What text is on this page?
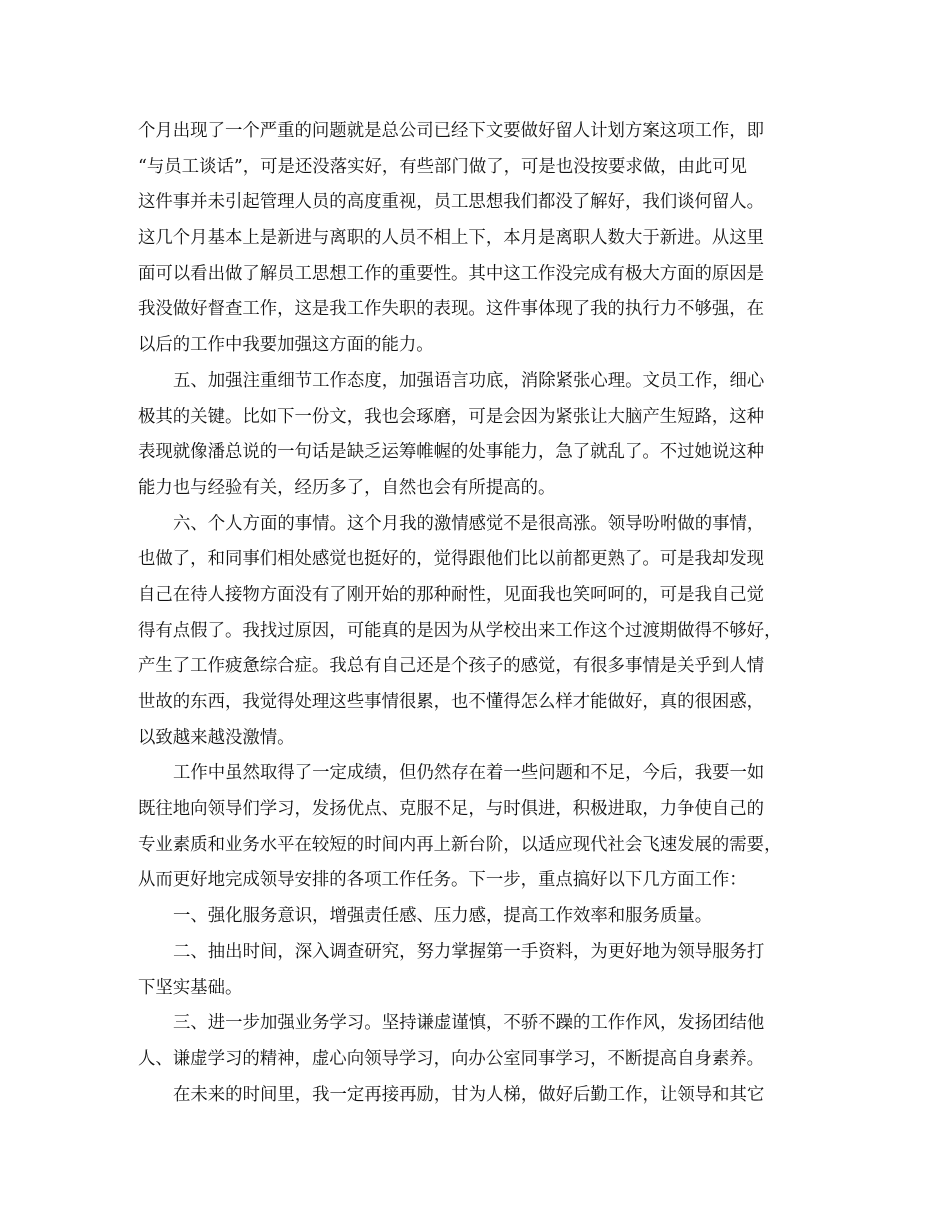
个月出现了一个严重的问题就是总公司已经下文要做好留人计划方案这项工作，即
“与员工谈话”，可是还没落实好，有些部门做了，可是也没按要求做，由此可见
这件事并未引起管理人员的高度重视，员工思想我们都没了解好，我们谈何留人。
这几个月基本上是新进与离职的人员不相上下，本月是离职人数大于新进。从这里
面可以看出做了解员工思想工作的重要性。其中这工作没完成有极大方面的原因是
我没做好督查工作，这是我工作失职的表现。这件事体现了我的执行力不够强，在
以后的工作中我要加强这方面的能力。
五、加强注重细节工作态度，加强语言功底，消除紧张心理。文员工作，细心
极其的关键。比如下一份文，我也会琢磨，可是会因为紧张让大脑产生短路，这种
表现就像潘总说的一句话是缺乏运筹帷幄的处事能力，急了就乱了。不过她说这种
能力也与经验有关，经历多了，自然也会有所提高的。
六、个人方面的事情。这个月我的激情感觉不是很高涨。领导吩咐做的事情，
也做了，和同事们相处感觉也挺好的，觉得跟他们比以前都更熟了。可是我却发现
自己在待人接物方面没有了刚开始的那种耐性，见面我也笑呵呵的，可是我自己觉
得有点假了。我找过原因，可能真的是因为从学校出来工作这个过渡期做得不够好，
产生了工作疲惫综合症。我总有自己还是个孩子的感觉，有很多事情是关乎到人情
世故的东西，我觉得处理这些事情很累，也不懂得怎么样才能做好，真的很困惑，
以致越来越没激情。
工作中虽然取得了一定成绩，但仍然存在着一些问题和不足，今后，我要一如
既往地向领导们学习，发扬优点、克服不足，与时俱进，积极进取，力争使自己的
专业素质和业务水平在较短的时间内再上新台阶，以适应现代社会飞速发展的需要，
从而更好地完成领导安排的各项工作任务。下一步，重点搞好以下几方面工作：
一、强化服务意识，增强责任感、压力感，提高工作效率和服务质量。
二、抽出时间，深入调查研究，努力掌握第一手资料，为更好地为领导服务打
下坚实基础。
三、进一步加强业务学习。坚持谦虚谨慎，不骄不躁的工作作风，发扬团结他
人、谦虚学习的精神，虚心向领导学习，向办公室同事学习，不断提高自身素养。
在未来的时间里，我一定再接再励，甘为人梯，做好后勤工作，让领导和其它
